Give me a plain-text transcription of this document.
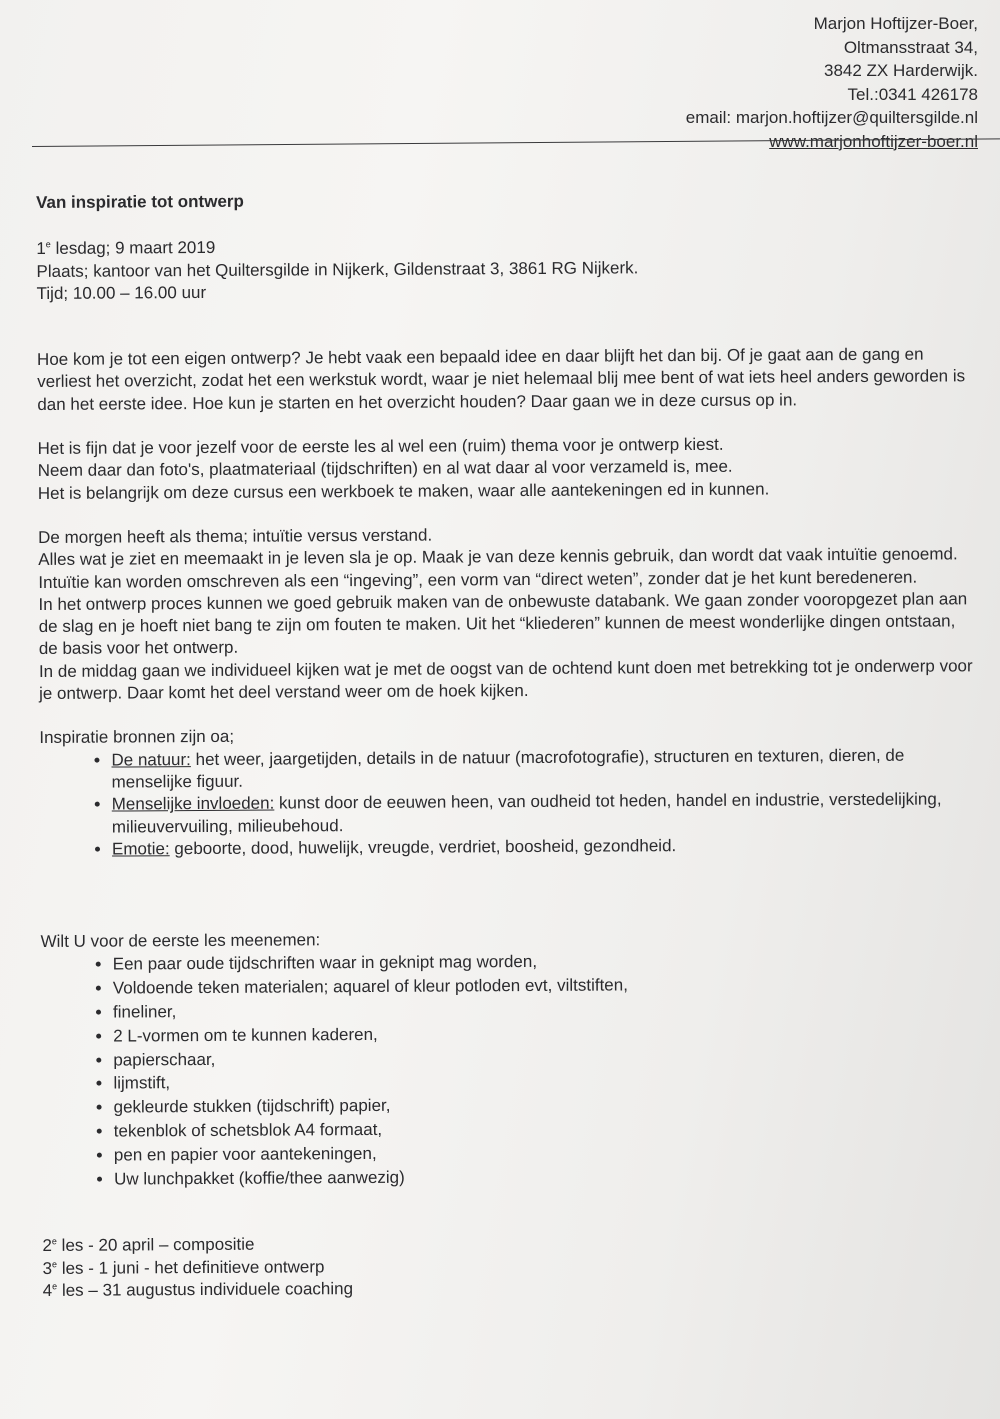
Marjon Hoftijzer-Boer,
Oltmansstraat 34,
3842 ZX Harderwijk.
Tel.:0341 426178
email: marjon.hoftijzer@quiltersgilde.nl
www.marjonhoftijzer-boer.nl
Van inspiratie tot ontwerp

1e lesdag; 9 maart 2019

Plaats; kantoor van het Quiltersgilde in Nijkerk, Gildenstraat 3, 3861 RG Nijkerk.

Tijd; 10.00 – 16.00 uur

Hoe kom je tot een eigen ontwerp? Je hebt vaak een bepaald idee en daar blijft het dan bij. Of je gaat aan de gang en verliest het overzicht, zodat het een werkstuk wordt, waar je niet helemaal blij mee bent of wat iets heel anders geworden is dan het eerste idee. Hoe kun je starten en het overzicht houden? Daar gaan we in deze cursus op in.

Het is fijn dat je voor jezelf voor de eerste les al wel een (ruim) thema voor je ontwerp kiest.

Neem daar dan foto's, plaatmateriaal (tijdschriften) en al wat daar al voor verzameld is, mee.

Het is belangrijk om deze cursus een werkboek te maken, waar alle aantekeningen ed in kunnen.

De morgen heeft als thema; intuïtie versus verstand.

Alles wat je ziet en meemaakt in je leven sla je op. Maak je van deze kennis gebruik, dan wordt dat vaak intuïtie genoemd. Intuïtie kan worden omschreven als een “ingeving”, een vorm van “direct weten”, zonder dat je het kunt beredeneren.

In het ontwerp proces kunnen we goed gebruik maken van de onbewuste databank. We gaan zonder vooropgezet plan aan de slag en je hoeft niet bang te zijn om fouten te maken. Uit het “kliederen” kunnen de meest wonderlijke dingen ontstaan, de basis voor het ontwerp.

In de middag gaan we individueel kijken wat je met de oogst van de ochtend kunt doen met betrekking tot je onderwerp voor je ontwerp. Daar komt het deel verstand weer om de hoek kijken.

Inspiratie bronnen zijn oa;

• De natuur: het weer, jaargetijden, details in de natuur (macrofotografie), structuren en texturen, dieren, de menselijke figuur.
• Menselijke invloeden: kunst door de eeuwen heen, van oudheid tot heden, handel en industrie, verstedelijking, milieuvervuiling, milieubehoud.
• Emotie: geboorte, dood, huwelijk, vreugde, verdriet, boosheid, gezondheid.

Wilt U voor de eerste les meenemen:

• Een paar oude tijdschriften waar in geknipt mag worden,
• Voldoende teken materialen; aquarel of kleur potloden evt, viltstiften,
• fineliner,
• 2 L-vormen om te kunnen kaderen,
• papierschaar,
• lijmstift,
• gekleurde stukken (tijdschrift) papier,
• tekenblok of schetsblok A4 formaat,
• pen en papier voor aantekeningen,
• Uw lunchpakket (koffie/thee aanwezig)

2e les - 20 april – compositie

3e les - 1 juni - het definitieve ontwerp

4e les – 31 augustus individuele coaching
